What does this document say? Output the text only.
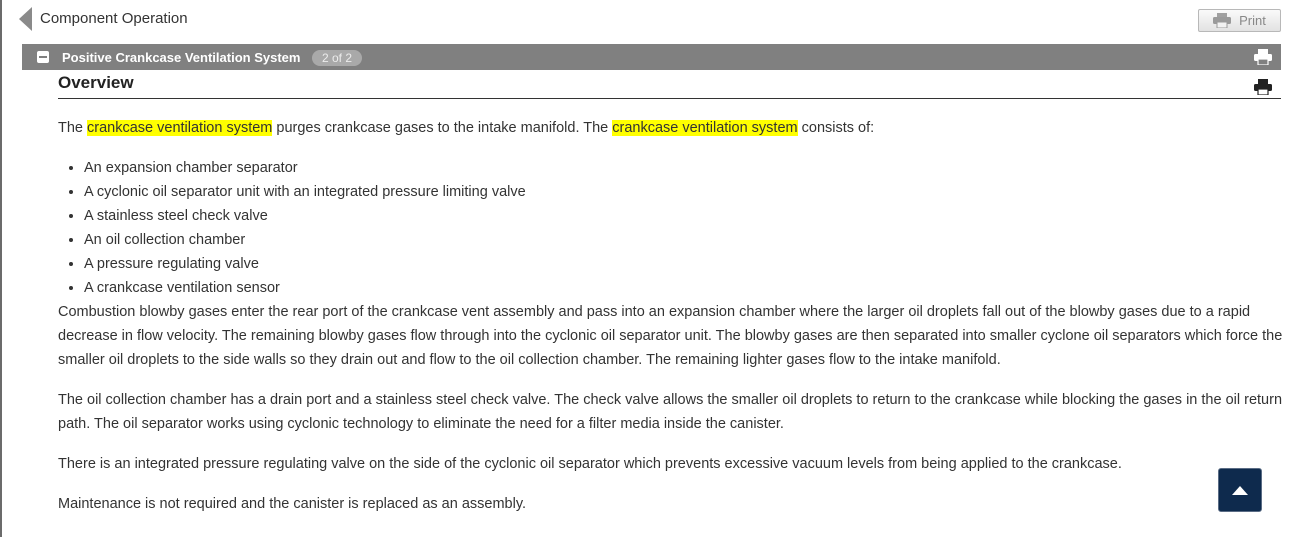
Component Operation	Print
Positive Crankcase Ventilation System	2 of 2
Overview

The crankcase ventilation system purges crankcase gases to the intake manifold. The crankcase ventilation system consists of:

• An expansion chamber separator
• A cyclonic oil separator unit with an integrated pressure limiting valve
• A stainless steel check valve
• An oil collection chamber
• A pressure regulating valve
• A crankcase ventilation sensor

Combustion blowby gases enter the rear port of the crankcase vent assembly and pass into an expansion chamber where the larger oil droplets fall out of the blowby gases due to a rapid decrease in flow velocity. The remaining blowby gases flow through into the cyclonic oil separator unit. The blowby gases are then separated into smaller cyclone oil separators which force the smaller oil droplets to the side walls so they drain out and flow to the oil collection chamber. The remaining lighter gases flow to the intake manifold.

The oil collection chamber has a drain port and a stainless steel check valve. The check valve allows the smaller oil droplets to return to the crankcase while blocking the gases in the oil return path. The oil separator works using cyclonic technology to eliminate the need for a filter media inside the canister.

There is an integrated pressure regulating valve on the side of the cyclonic oil separator which prevents excessive vacuum levels from being applied to the crankcase.

Maintenance is not required and the canister is replaced as an assembly.
